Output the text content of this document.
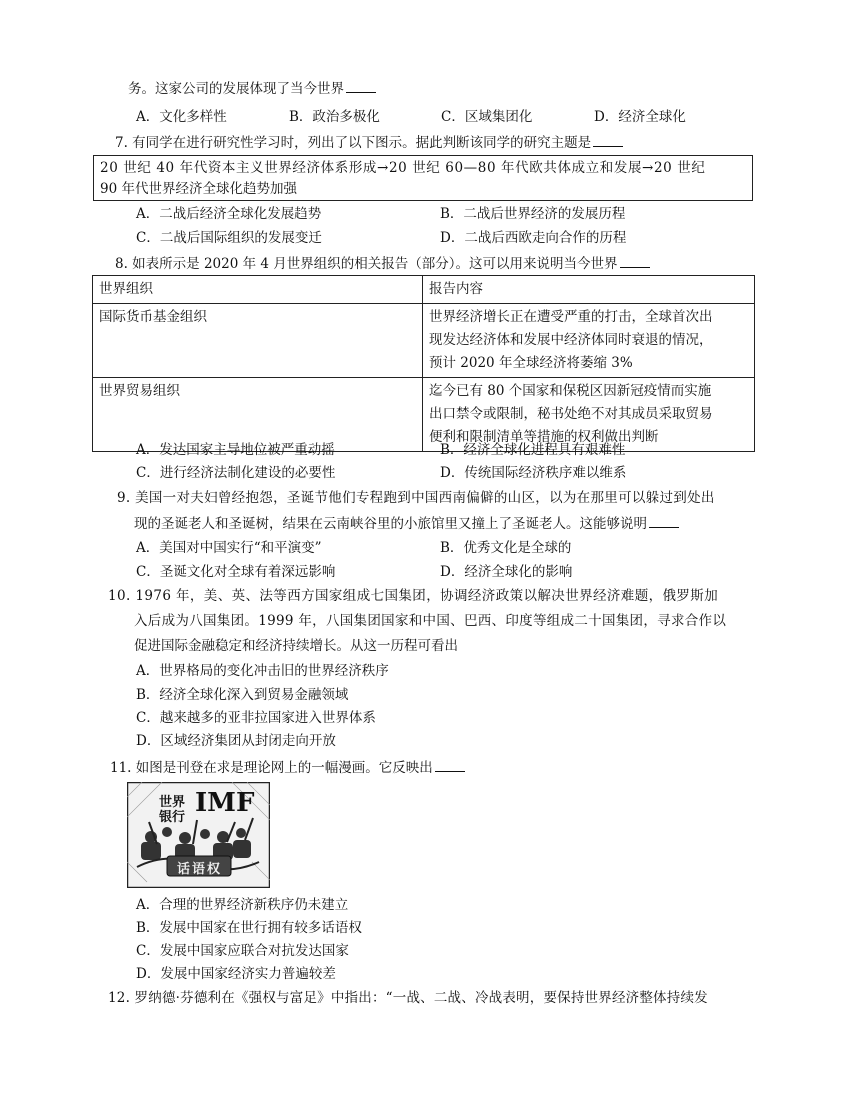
务。这家公司的发展体现了当今世界
A．文化多样性	B．政治多极化	C．区域集团化	D．经济全球化
7. 有同学在进行研究性学习时，列出了以下图示。据此判断该同学的研究主题是
20 世纪 40 年代资本主义世界经济体系形成→20 世纪 60—80 年代欧共体成立和发展→20 世纪
90 年代世界经济全球化趋势加强
A．二战后经济全球化发展趋势	B．二战后世界经济的发展历程
C．二战后国际组织的发展变迁	D．二战后西欧走向合作的历程
8. 如表所示是 2020 年 4 月世界组织的相关报告（部分）。这可以用来说明当今世界
世界组织	报告内容
国际货币基金组织	世界经济增长正在遭受严重的打击，全球首次出
现发达经济体和发展中经济体同时衰退的情况，
预计 2020 年全球经济将萎缩 3%

世界贸易组织	迄今已有 80 个国家和保税区因新冠疫情而实施
出口禁令或限制，秘书处绝不对其成员采取贸易
便利和限制清单等措施的权利做出判断
A．发达国家主导地位被严重动摇	B．经济全球化进程具有艰难性
C．进行经济法制化建设的必要性	D．传统国际经济秩序难以维系
9. 美国一对夫妇曾经抱怨，圣诞节他们专程跑到中国西南偏僻的山区，以为在那里可以躲过到处出
现的圣诞老人和圣诞树，结果在云南峡谷里的小旅馆里又撞上了圣诞老人。这能够说明
A．美国对中国实行“和平演变”	B．优秀文化是全球的
C．圣诞文化对全球有着深远影响	D．经济全球化的影响
10. 1976 年，美、英、法等西方国家组成七国集团，协调经济政策以解决世界经济难题，俄罗斯加
入后成为八国集团。1999 年，八国集团国家和中国、巴西、印度等组成二十国集团，寻求合作以
促进国际金融稳定和经济持续增长。从这一历程可看出
A．世界格局的变化冲击旧的世界经济秩序
B．经济全球化深入到贸易金融领域
C．越来越多的亚非拉国家进入世界体系
D．区域经济集团从封闭走向开放
11. 如图是刊登在求是理论网上的一幅漫画。它反映出
世界
银行 IMF
话语权
A．合理的世界经济新秩序仍未建立
B．发展中国家在世行拥有较多话语权
C．发展中国家应联合对抗发达国家
D．发展中国家经济实力普遍较差
12. 罗纳德·芬德利在《强权与富足》中指出：“一战、二战、冷战表明，要保持世界经济整体持续发
